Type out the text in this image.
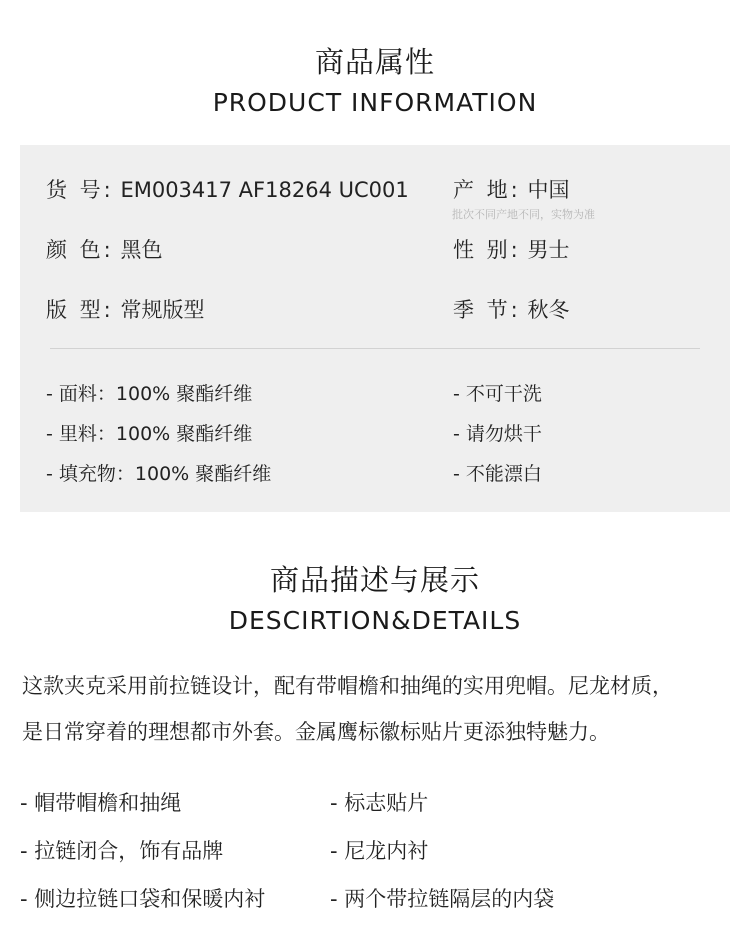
商品属性
PRODUCT INFORMATION
货 号: EM003417 AF18264 UC001 产 地: 中国
批次不同产地不同，实物为准
颜 色: 黑色	性 别: 男士
版 型: 常规版型	季 节: 秋冬
- 面料：100% 聚酯纤维
- 里料：100% 聚酯纤维
- 填充物：100% 聚酯纤维
- 不可干洗
- 请勿烘干
- 不能漂白
商品描述与展示
DESCIRTION&DETAILS
这款夹克采用前拉链设计，配有带帽檐和抽绳的实用兜帽。尼龙材质，
是日常穿着的理想都市外套。金属鹰标徽标贴片更添独特魅力。
- 帽带帽檐和抽绳
- 拉链闭合，饰有品牌
- 侧边拉链口袋和保暖内衬
- 标志贴片
- 尼龙内衬
- 两个带拉链隔层的内袋
